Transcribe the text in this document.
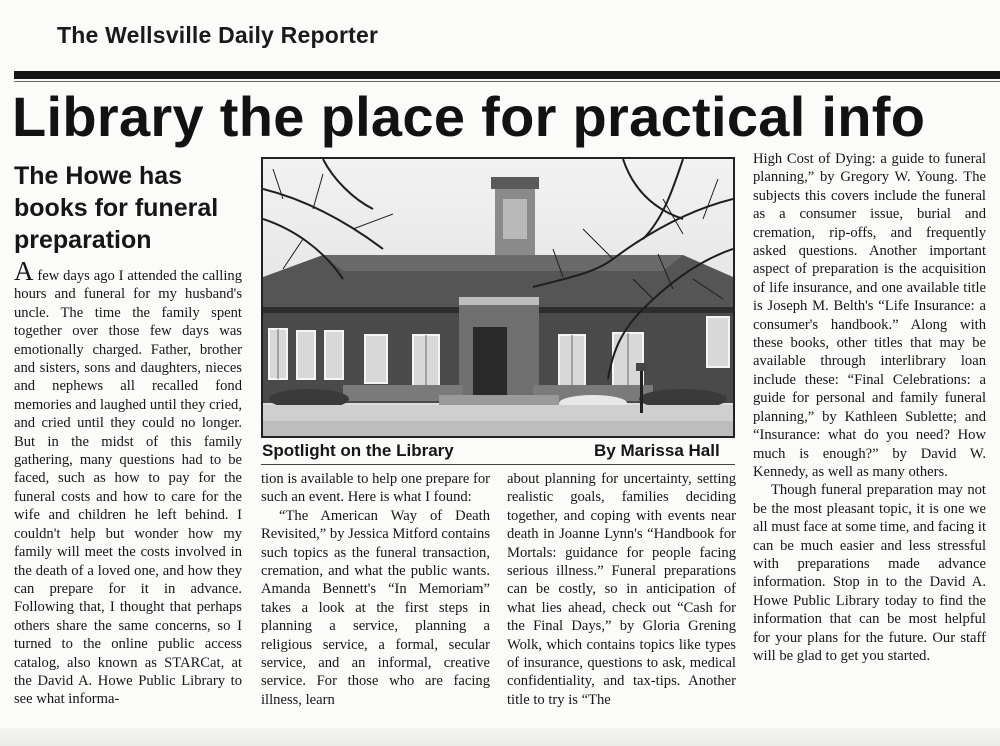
The Wellsville Daily Reporter
Library the place for practical info
The Howe has books for funeral preparation

A few days ago I attended the calling hours and funeral for my husband's uncle. The time the family spent together over those few days was emotionally charged. Father, brother and sisters, sons and daughters, nieces and nephews all recalled fond memories and laughed until they cried, and cried until they could no longer. But in the midst of this family gathering, many questions had to be faced, such as how to pay for the funeral costs and how to care for the wife and children he left behind. I couldn't help but wonder how my family will meet the costs involved in the death of a loved one, and how they can prepare for it in advance. Following that, I thought that perhaps others share the same concerns, so I turned to the online public access catalog, also known as STARCat, at the David A. Howe Public Library to see what informa-

Spotlight on the Library	By Marissa Hall

tion is available to help one prepare for such an event. Here is what I found:

“The American Way of Death Revisited,” by Jessica Mitford contains such topics as the funeral transaction, cremation, and what the public wants. Amanda Bennett's “In Memoriam” takes a look at the first steps in planning a service, planning a religious service, a formal, secular service, and an informal, creative service. For those who are facing illness, learn

about planning for uncertainty, setting realistic goals, families deciding together, and coping with events near death in Joanne Lynn's “Handbook for Mortals: guidance for people facing serious illness.” Funeral preparations can be costly, so in anticipation of what lies ahead, check out “Cash for the Final Days,” by Gloria Grening Wolk, which contains topics like types of insurance, questions to ask, medical confidentiality, and tax-tips. Another title to try is “The

High Cost of Dying: a guide to funeral planning,” by Gregory W. Young. The subjects this covers include the funeral as a consumer issue, burial and cremation, rip-offs, and frequently asked questions. Another important aspect of preparation is the acquisition of life insurance, and one available title is Joseph M. Belth's “Life Insurance: a consumer's handbook.” Along with these books, other titles that may be available through interlibrary loan include these: “Final Celebrations: a guide for personal and family funeral planning,” by Kathleen Sublette; and “Insurance: what do you need? How much is enough?” by David W. Kennedy, as well as many others.

Though funeral preparation may not be the most pleasant topic, it is one we all must face at some time, and facing it can be much easier and less stressful with preparations made advance information. Stop in to the David A. Howe Public Library today to find the information that can be most helpful for your plans for the future. Our staff will be glad to get you started.
